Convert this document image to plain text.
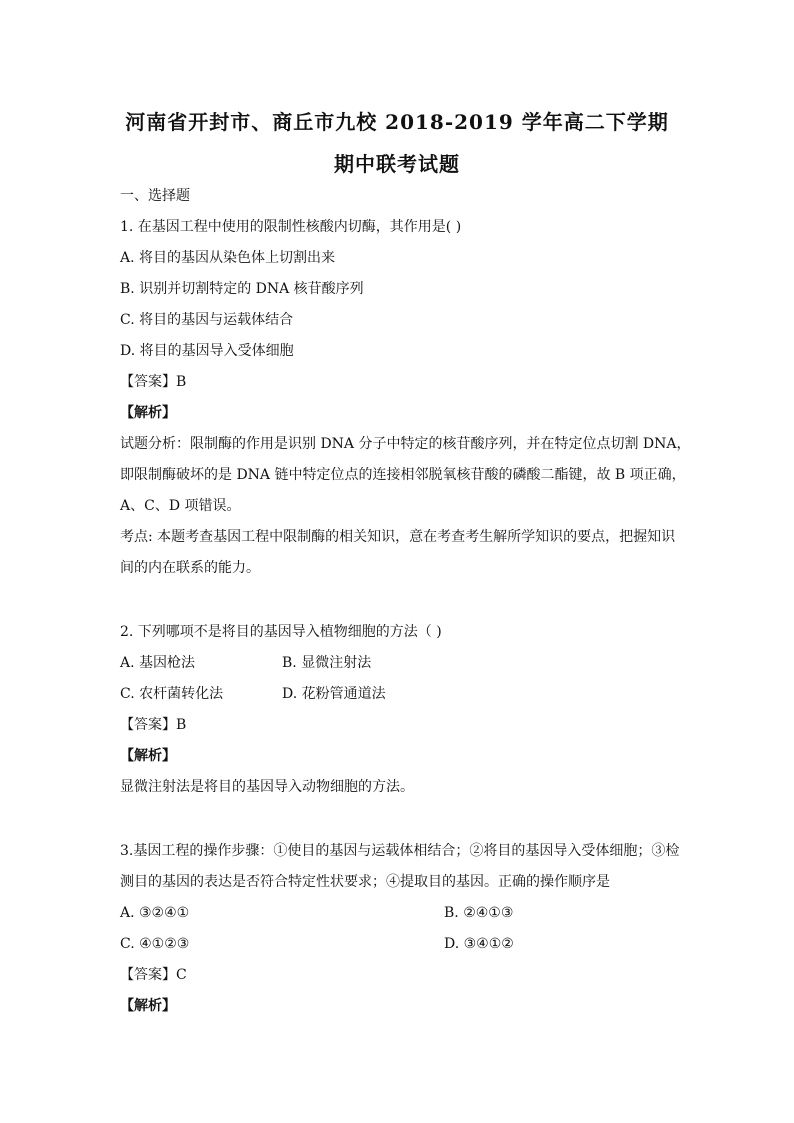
河南省开封市、商丘市九校 2018-2019 学年高二下学期
期中联考试题
一、选择题
1. 在基因工程中使用的限制性核酸内切酶，其作用是( )
A. 将目的基因从染色体上切割出来
B. 识别并切割特定的 DNA 核苷酸序列
C. 将目的基因与运载体结合
D. 将目的基因导入受体细胞
【答案】B
【解析】
试题分析：限制酶的作用是识别 DNA 分子中特定的核苷酸序列，并在特定位点切割 DNA，
即限制酶破坏的是 DNA 链中特定位点的连接相邻脱氧核苷酸的磷酸二酯键，故 B 项正确，
A、C、D 项错误。
考点: 本题考查基因工程中限制酶的相关知识，意在考查考生解所学知识的要点，把握知识
间的内在联系的能力。
2. 下列哪项不是将目的基因导入植物细胞的方法（ )
A. 基因枪法	B. 显微注射法
C. 农杆菌转化法	D. 花粉管通道法
【答案】B
【解析】
显微注射法是将目的基因导入动物细胞的方法。
3.基因工程的操作步骤：①使目的基因与运载体相结合；②将目的基因导入受体细胞；③检
测目的基因的表达是否符合特定性状要求；④提取目的基因。正确的操作顺序是
A. ③②④①	B. ②④①③
C. ④①②③	D. ③④①②
【答案】C
【解析】
